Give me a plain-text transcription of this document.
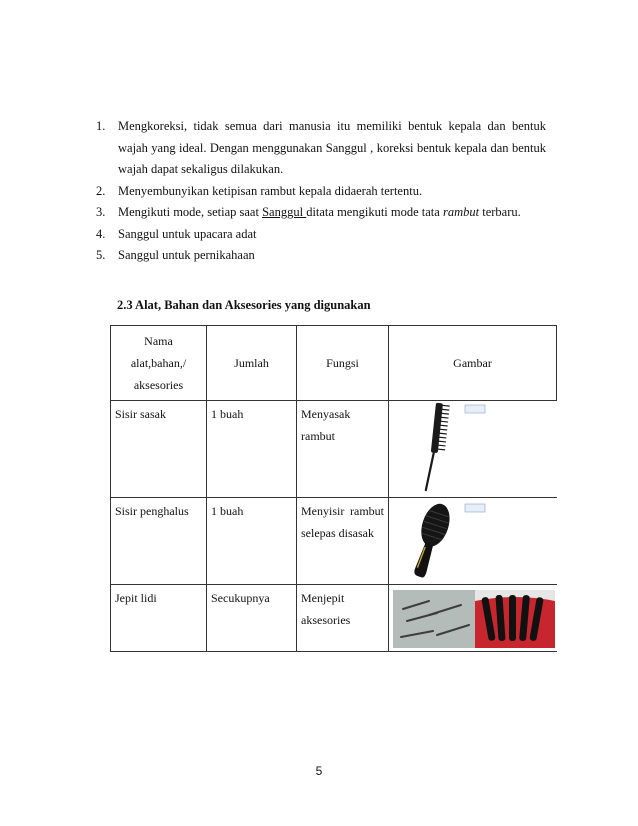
1.	Mengkoreksi, tidak semua dari manusia itu memiliki bentuk kepala dan bentuk wajah yang ideal. Dengan menggunakan Sanggul , koreksi bentuk kepala dan bentuk wajah dapat sekaligus dilakukan.
2.	Menyembunyikan ketipisan rambut kepala didaerah tertentu.
3.	Mengikuti mode, setiap saat Sanggul ditata mengikuti mode tata rambut terbaru.
4.	Sanggul untuk upacara adat
5.	Sanggul untuk pernikahaan
2.3 Alat, Bahan dan Aksesories yang digunakan
Nama alat,bahan,/ aksesories	Jumlah	Fungsi	Gambar
Sisir sasak	1 buah	Menyasak rambut	

Sisir penghalus	1 buah	Menyisir rambut selepas disasak	

Jepit lidi	Secukupnya	Menjepit aksesories	
5
